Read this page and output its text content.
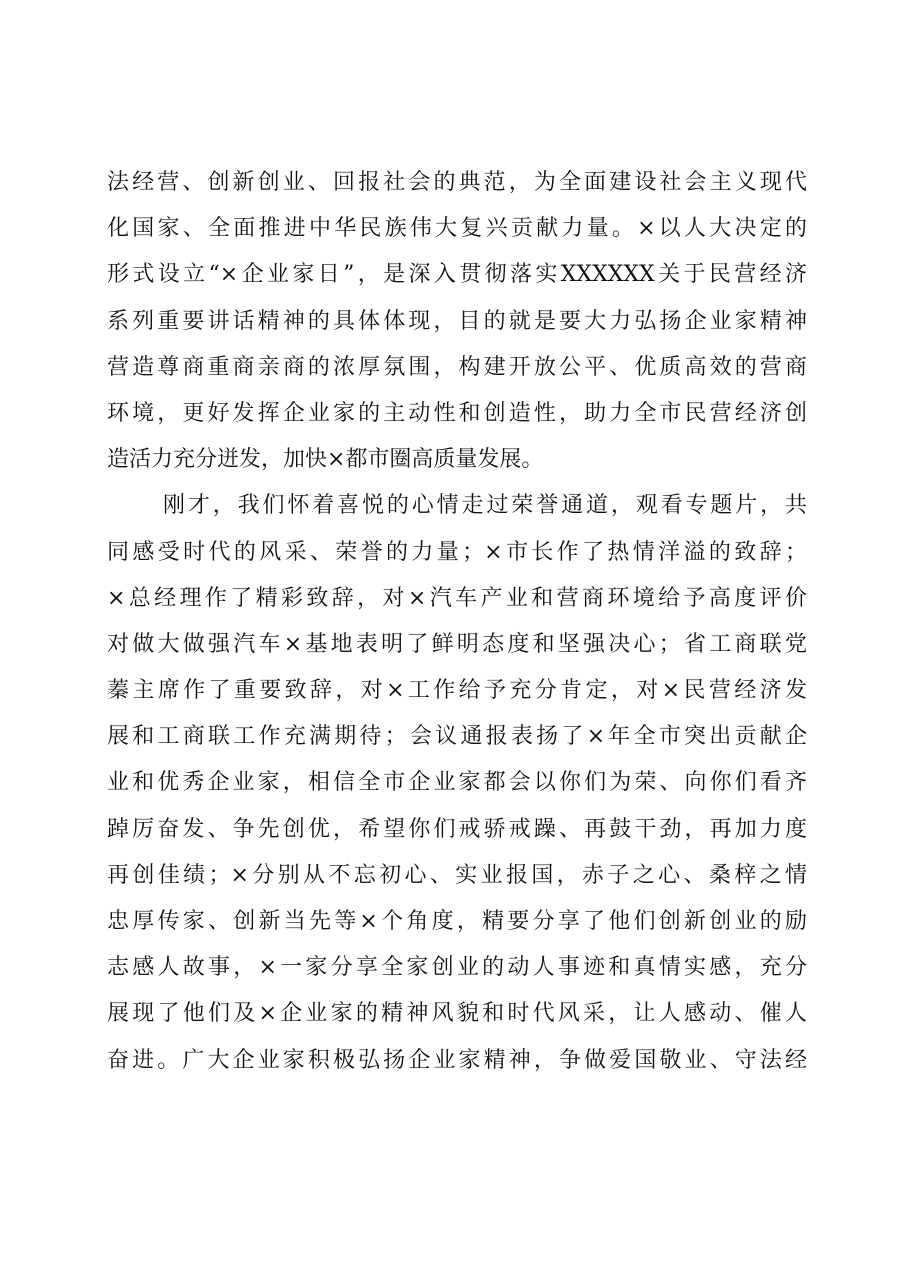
法经营、创新创业、回报社会的典范，为全面建设社会主义现代
化国家、全面推进中华民族伟大复兴贡献力量。×以人大决定的
形式设立“×企业家日”，是深入贯彻落实XXXXXX关于民营经济
系列重要讲话精神的具体体现，目的就是要大力弘扬企业家精神
营造尊商重商亲商的浓厚氛围，构建开放公平、优质高效的营商
环境，更好发挥企业家的主动性和创造性，助力全市民营经济创
造活力充分迸发，加快×都市圈高质量发展。
刚才，我们怀着喜悦的心情走过荣誉通道，观看专题片，共
同感受时代的风采、荣誉的力量；×市长作了热情洋溢的致辞；
×总经理作了精彩致辞，对×汽车产业和营商环境给予高度评价
对做大做强汽车×基地表明了鲜明态度和坚强决心；省工商联党
蓁主席作了重要致辞，对×工作给予充分肯定，对×民营经济发
展和工商联工作充满期待；会议通报表扬了×年全市突出贡献企
业和优秀企业家，相信全市企业家都会以你们为荣、向你们看齐
踔厉奋发、争先创优，希望你们戒骄戒躁、再鼓干劲，再加力度
再创佳绩；×分别从不忘初心、实业报国，赤子之心、桑梓之情
忠厚传家、创新当先等×个角度，精要分享了他们创新创业的励
志感人故事，×一家分享全家创业的动人事迹和真情实感，充分
展现了他们及×企业家的精神风貌和时代风采，让人感动、催人
奋进。广大企业家积极弘扬企业家精神，争做爱国敬业、守法经
